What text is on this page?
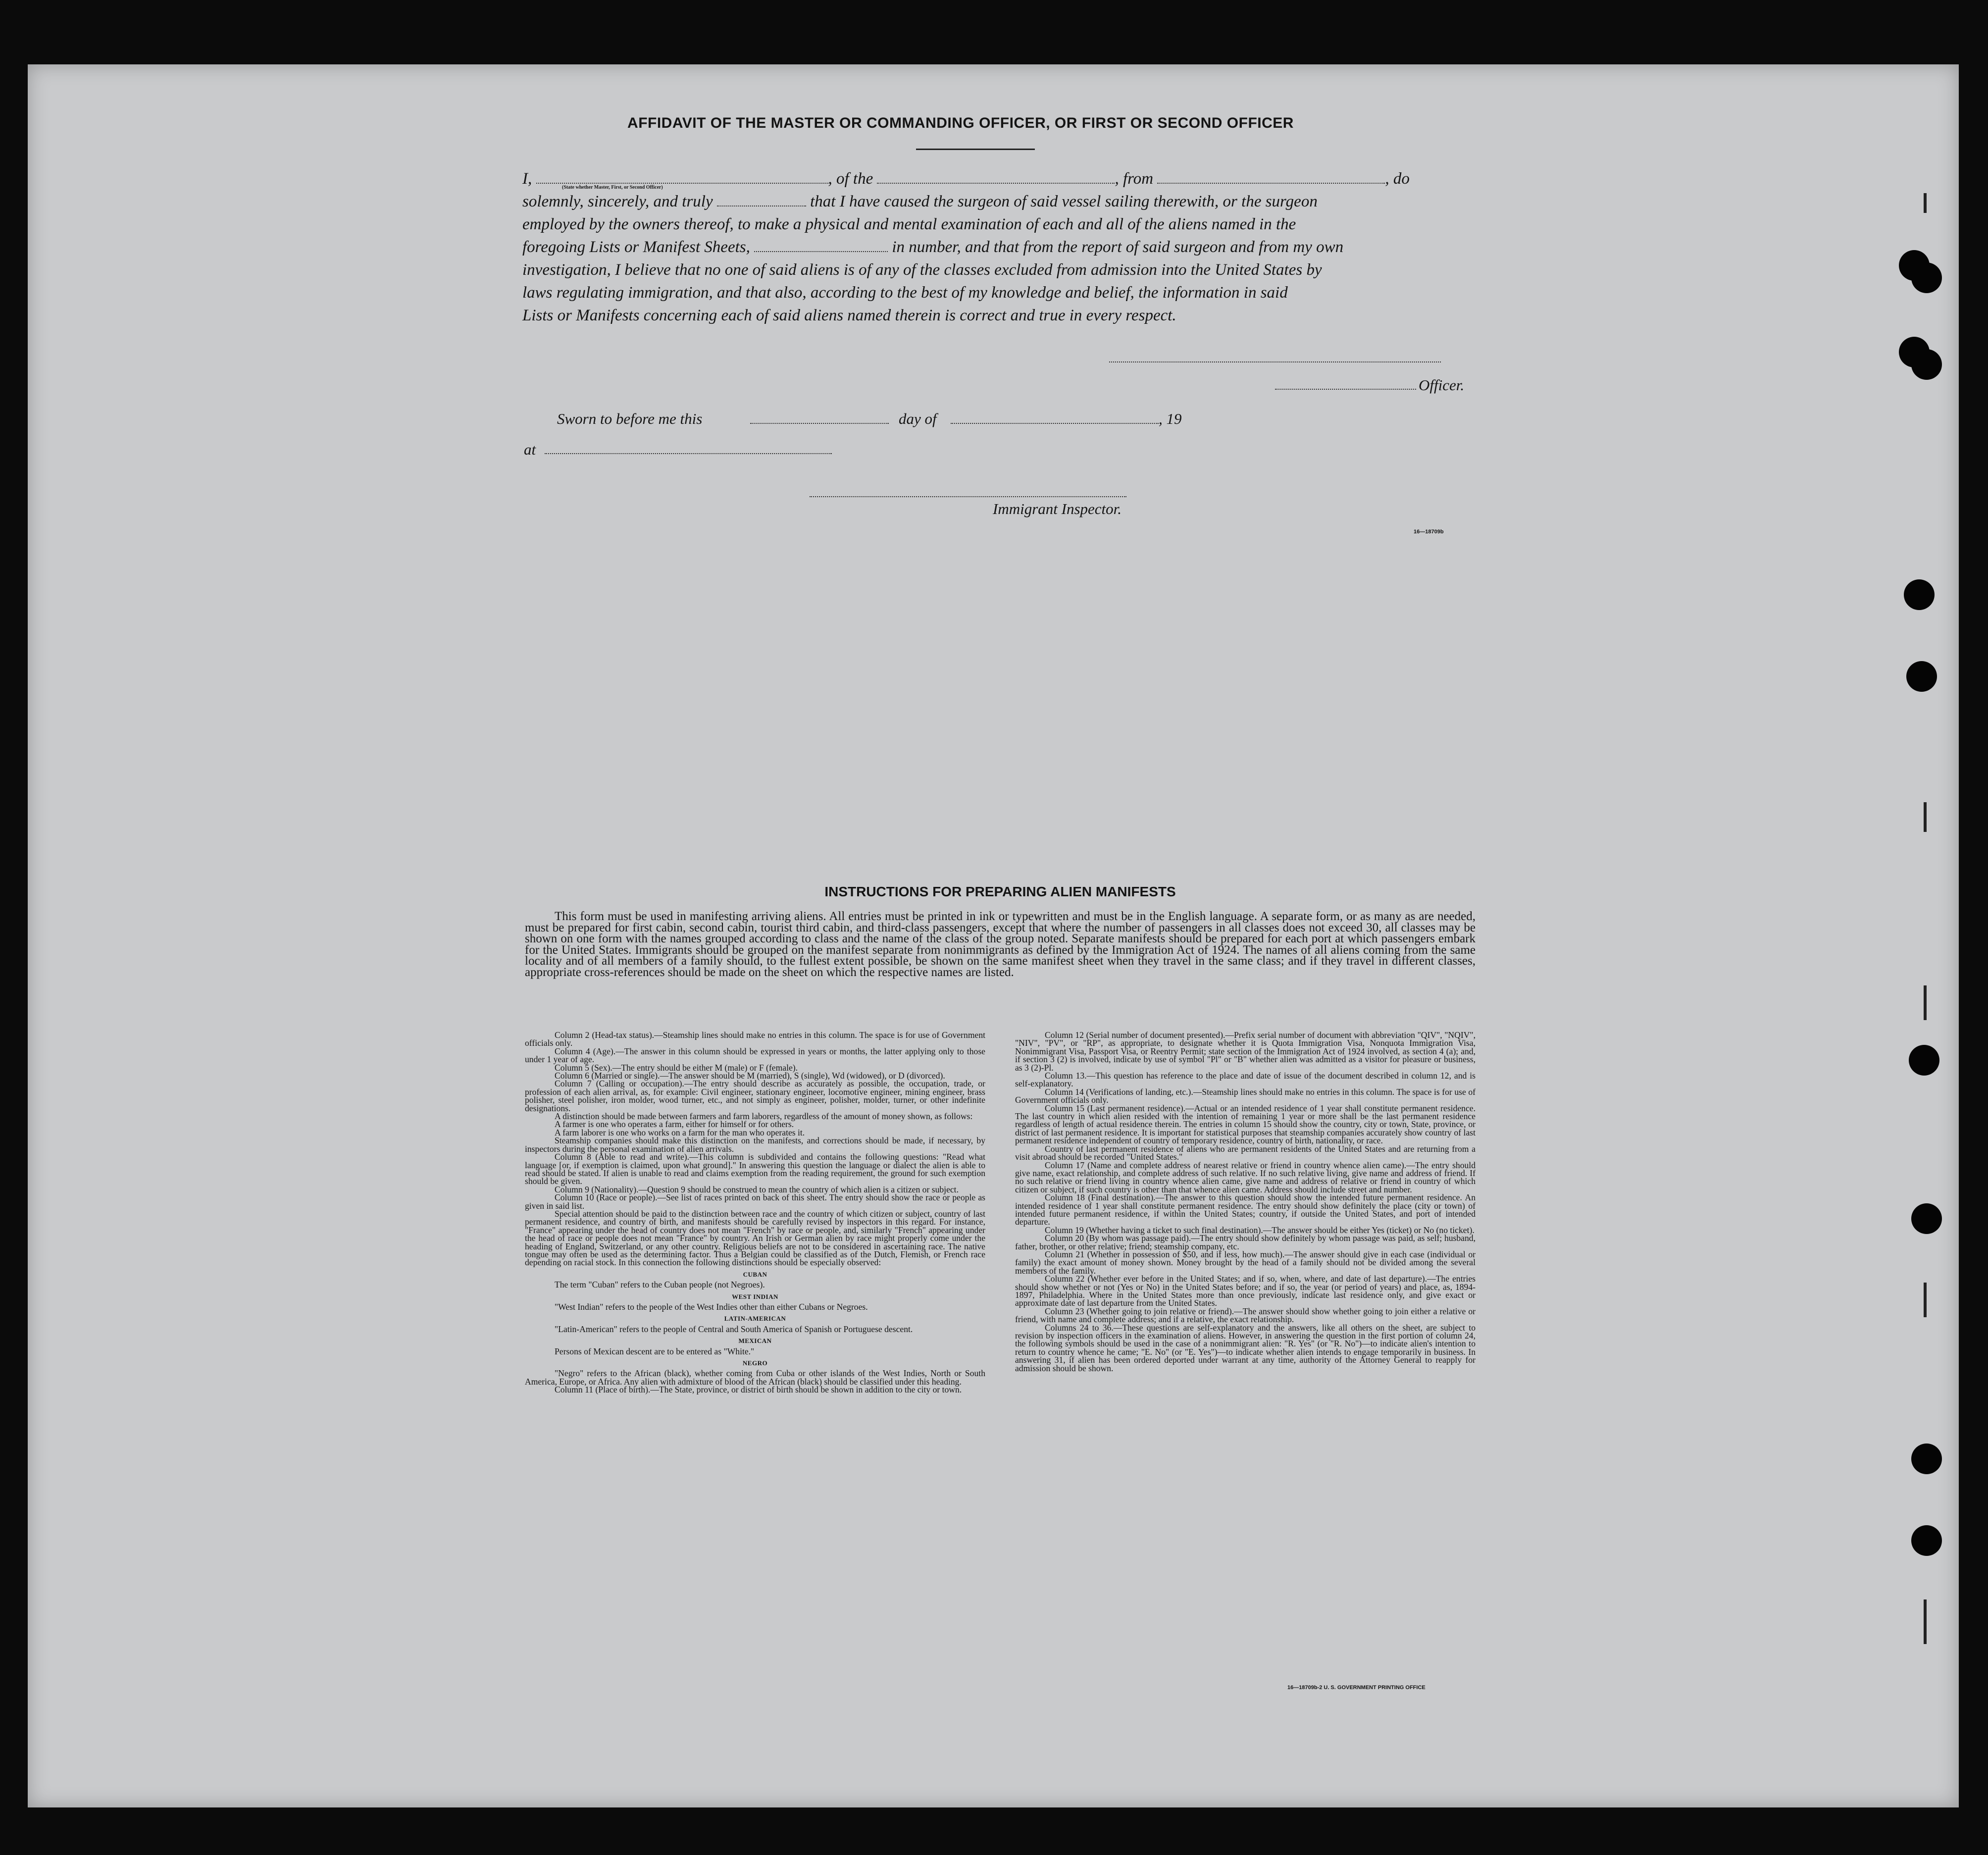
AFFIDAVIT OF THE MASTER OR COMMANDING OFFICER, OR FIRST OR SECOND OFFICER
I,	, of the	, from	, do
solemnly, sincerely, and truly	that I have caused the surgeon of said vessel sailing therewith, or the surgeon
employed by the owners thereof, to make a physical and mental examination of each and all of the aliens named in the
foregoing Lists or Manifest Sheets,	in number, and that from the report of said surgeon and from my own
investigation, I believe that no one of said aliens is of any of the classes excluded from admission into the United States by
laws regulating immigration, and that also, according to the best of my knowledge and belief, the information in said
Lists or Manifests concerning each of said aliens named therein is correct and true in every respect.
(State whether Master, First, or Second Officer)
Officer.
Sworn to before me this	day of	, 19
at
Immigrant Inspector.
16—18709b
INSTRUCTIONS FOR PREPARING ALIEN MANIFESTS
This form must be used in manifesting arriving aliens. All entries must be printed in ink or typewritten and must be in the English language. A separate form, or as many as are needed, must be prepared for first cabin, second cabin, tourist third cabin, and third-class passengers, except that where the number of passengers in all classes does not exceed 30, all classes may be shown on one form with the names grouped according to class and the name of the class of the group noted. Separate manifests should be prepared for each port at which passengers embark for the United States. Immigrants should be grouped on the manifest separate from nonimmigrants as defined by the Immigration Act of 1924. The names of all aliens coming from the same locality and of all members of a family should, to the fullest extent possible, be shown on the same manifest sheet when they travel in the same class; and if they travel in different classes, appropriate cross-references should be made on the sheet on which the respective names are listed.

Column 2 (Head-tax status).—Steamship lines should make no entries in this column. The space is for use of Government officials only.

Column 4 (Age).—The answer in this column should be expressed in years or months, the latter applying only to those under 1 year of age.

Column 5 (Sex).—The entry should be either M (male) or F (female).

Column 6 (Married or single).—The answer should be M (married), S (single), Wd (widowed), or D (divorced).

Column 7 (Calling or occupation).—The entry should describe as accurately as possible, the occupation, trade, or profession of each alien arrival, as, for example: Civil engineer, stationary engineer, locomotive engineer, mining engineer, brass polisher, steel polisher, iron molder, wood turner, etc., and not simply as engineer, polisher, molder, turner, or other indefinite designations.

A distinction should be made between farmers and farm laborers, regardless of the amount of money shown, as follows:

A farmer is one who operates a farm, either for himself or for others.

A farm laborer is one who works on a farm for the man who operates it.

Steamship companies should make this distinction on the manifests, and corrections should be made, if necessary, by inspectors during the personal examination of alien arrivals.

Column 8 (Able to read and write).—This column is subdivided and contains the following questions: "Read what language [or, if exemption is claimed, upon what ground]." In answering this question the language or dialect the alien is able to read should be stated. If alien is unable to read and claims exemption from the reading requirement, the ground for such exemption should be given.

Column 9 (Nationality).—Question 9 should be construed to mean the country of which alien is a citizen or subject.

Column 10 (Race or people).—See list of races printed on back of this sheet. The entry should show the race or people as given in said list.

Special attention should be paid to the distinction between race and the country of which citizen or subject, country of last permanent residence, and country of birth, and manifests should be carefully revised by inspectors in this regard. For instance, "France" appearing under the head of country does not mean "French" by race or people, and, similarly "French" appearing under the head of race or people does not mean "France" by country. An Irish or German alien by race might properly come under the heading of England, Switzerland, or any other country. Religious beliefs are not to be considered in ascertaining race. The native tongue may often be used as the determining factor. Thus a Belgian could be classified as of the Dutch, Flemish, or French race depending on racial stock. In this connection the following distinctions should be especially observed:

CUBAN

The term "Cuban" refers to the Cuban people (not Negroes).

WEST INDIAN

"West Indian" refers to the people of the West Indies other than either Cubans or Negroes.

LATIN-AMERICAN

"Latin-American" refers to the people of Central and South America of Spanish or Portuguese descent.

MEXICAN

Persons of Mexican descent are to be entered as "White."

NEGRO

"Negro" refers to the African (black), whether coming from Cuba or other islands of the West Indies, North or South America, Europe, or Africa. Any alien with admixture of blood of the African (black) should be classified under this heading.

Column 11 (Place of birth).—The State, province, or district of birth should be shown in addition to the city or town.

Column 12 (Serial number of document presented).—Prefix serial number of document with abbreviation "QIV", "NQIV", "NIV", "PV", or "RP", as appropriate, to designate whether it is Quota Immigration Visa, Nonquota Immigration Visa, Nonimmigrant Visa, Passport Visa, or Reentry Permit; state section of the Immigration Act of 1924 involved, as section 4 (a); and, if section 3 (2) is involved, indicate by use of symbol "Pl" or "B" whether alien was admitted as a visitor for pleasure or business, as 3 (2)-Pl.

Column 13.—This question has reference to the place and date of issue of the document described in column 12, and is self-explanatory.

Column 14 (Verifications of landing, etc.).—Steamship lines should make no entries in this column. The space is for use of Government officials only.

Column 15 (Last permanent residence).—Actual or an intended residence of 1 year shall constitute permanent residence. The last country in which alien resided with the intention of remaining 1 year or more shall be the last permanent residence regardless of length of actual residence therein. The entries in column 15 should show the country, city or town, State, province, or district of last permanent residence. It is important for statistical purposes that steamship companies accurately show country of last permanent residence independent of country of temporary residence, country of birth, nationality, or race.

Country of last permanent residence of aliens who are permanent residents of the United States and are returning from a visit abroad should be recorded "United States."

Column 17 (Name and complete address of nearest relative or friend in country whence alien came).—The entry should give name, exact relationship, and complete address of such relative. If no such relative living, give name and address of friend. If no such relative or friend living in country whence alien came, give name and address of relative or friend in country of which citizen or subject, if such country is other than that whence alien came. Address should include street and number.

Column 18 (Final destination).—The answer to this question should show the intended future permanent residence. An intended residence of 1 year shall constitute permanent residence. The entry should show definitely the place (city or town) of intended future permanent residence, if within the United States; country, if outside the United States, and port of intended departure.

Column 19 (Whether having a ticket to such final destination).—The answer should be either Yes (ticket) or No (no ticket).

Column 20 (By whom was passage paid).—The entry should show definitely by whom passage was paid, as self; husband, father, brother, or other relative; friend; steamship company, etc.

Column 21 (Whether in possession of $50, and if less, how much).—The answer should give in each case (individual or family) the exact amount of money shown. Money brought by the head of a family should not be divided among the several members of the family.

Column 22 (Whether ever before in the United States; and if so, when, where, and date of last departure).—The entries should show whether or not (Yes or No) in the United States before; and if so, the year (or period of years) and place, as, 1894-1897, Philadelphia. Where in the United States more than once previously, indicate last residence only, and give exact or approximate date of last departure from the United States.

Column 23 (Whether going to join relative or friend).—The answer should show whether going to join either a relative or friend, with name and complete address; and if a relative, the exact relationship.

Columns 24 to 36.—These questions are self-explanatory and the answers, like all others on the sheet, are subject to revision by inspection officers in the examination of aliens. However, in answering the question in the first portion of column 24, the following symbols should be used in the case of a nonimmigrant alien: "R. Yes" (or "R. No")—to indicate alien's intention to return to country whence he came; "E. No" (or "E. Yes")—to indicate whether alien intends to engage temporarily in business. In answering 31, if alien has been ordered deported under warrant at any time, authority of the Attorney General to reapply for admission should be shown.

16—18709b-2 U. S. GOVERNMENT PRINTING OFFICE
